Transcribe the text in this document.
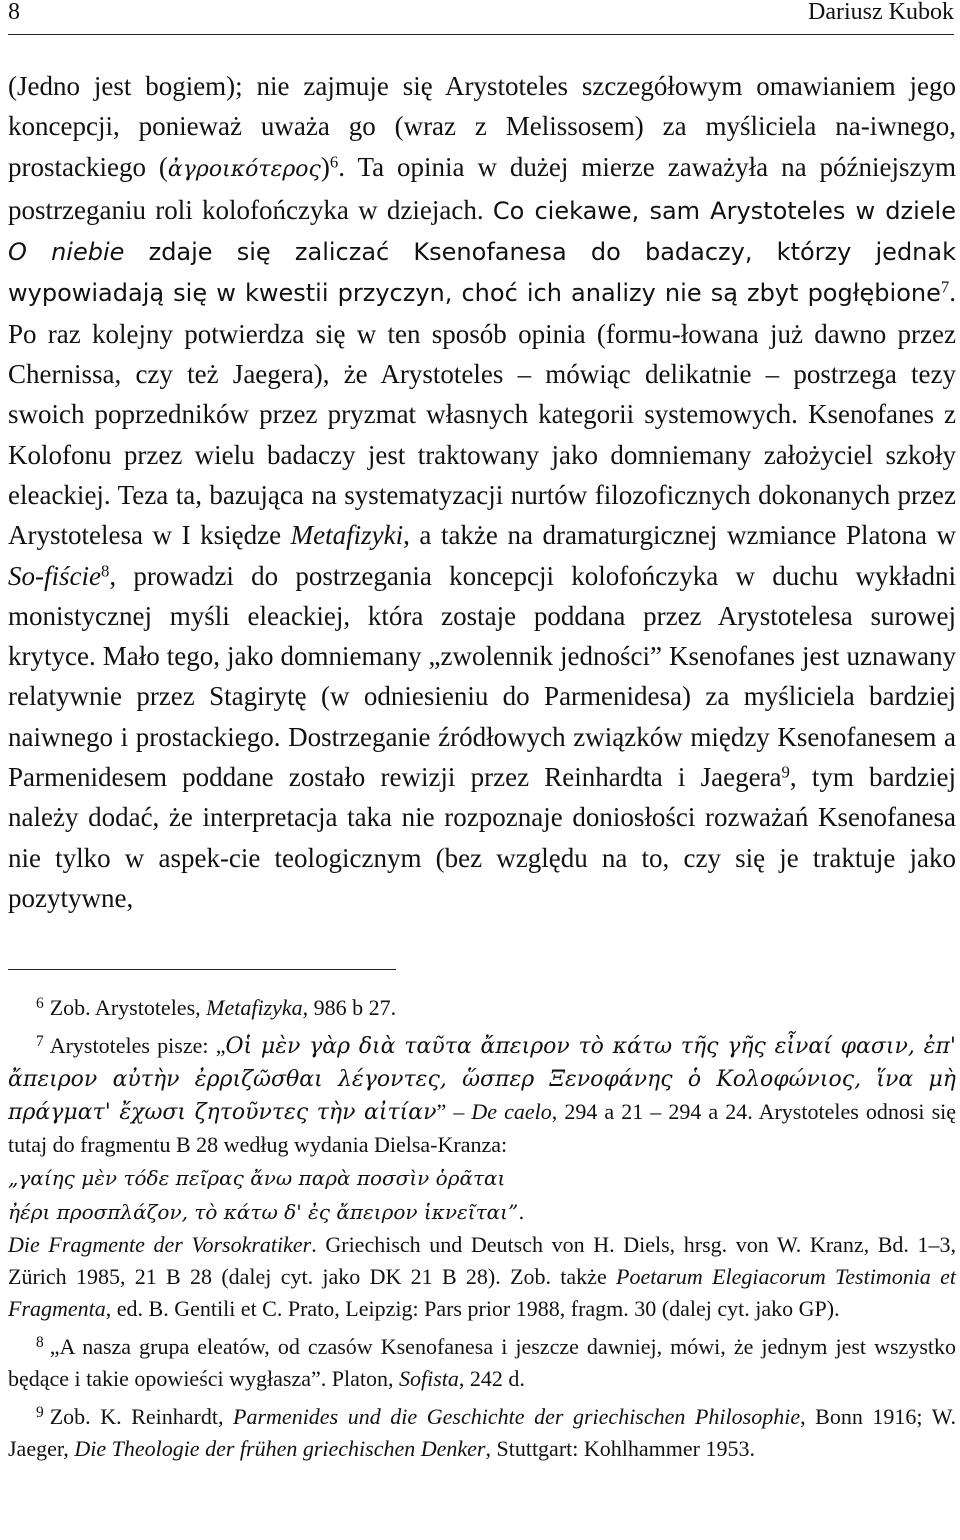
8	Dariusz Kubok

(Jedno jest bogiem); nie zajmuje się Arystoteles szczegółowym omawianiem jego koncepcji, ponieważ uważa go (wraz z Melissosem) za myśliciela na-iwnego, prostackiego (ἀγροικότερος)$^6$. Ta opinia w dużej mierze zaważyła na późniejszym postrzeganiu roli kolofończyka w dziejach. Co ciekawe, sam Arystoteles w dziele O niebie zdaje się zaliczać Ksenofanesa do badaczy, którzy jednak wypowiadają się w kwestii przyczyn, choć ich analizy nie są zbyt pogłębione$^7$. Po raz kolejny potwierdza się w ten sposób opinia (formu-łowana już dawno przez Chernissa, czy też Jaegera), że Arystoteles – mówiąc delikatnie – postrzega tezy swoich poprzedników przez pryzmat własnych kategorii systemowych. Ksenofanes z Kolofonu przez wielu badaczy jest traktowany jako domniemany założyciel szkoły eleackiej. Teza ta, bazująca na systematyzacji nurtów filozoficznych dokonanych przez Arystotelesa w I księdze Metafizyki, a także na dramaturgicznej wzmiance Platona w So-fiście$^8$, prowadzi do postrzegania koncepcji kolofończyka w duchu wykładni monistycznej myśli eleackiej, która zostaje poddana przez Arystotelesa surowej krytyce. Mało tego, jako domniemany „zwolennik jedności” Ksenofanes jest uznawany relatywnie przez Stagirytę (w odniesieniu do Parmenidesa) za myśliciela bardziej naiwnego i prostackiego. Dostrzeganie źródłowych związków między Ksenofanesem a Parmenidesem poddane zostało rewizji przez Reinhardta i Jaegera$^9$, tym bardziej należy dodać, że interpretacja taka nie rozpoznaje doniosłości rozważań Ksenofanesa nie tylko w aspek-cie teologicznym (bez względu na to, czy się je traktuje jako pozytywne,

$^6$ Zob. Arystoteles, Metafizyka, 986 b 27.

$^7$ Arystoteles pisze: „Οἱ μὲν γὰρ διὰ ταῦτα ἄπειρον τὸ κάτω τῆς γῆς εἶναί φασιν, ἐπ' ἄπειρον αὐτὴν ἐρριζῶσθαι λέγοντες, ὥσπερ Ξενοφάνης ὁ Κολοφώνιος, ἵνα μὴ πράγματ' ἔχωσι ζητοῦντες τὴν αἰτίαν” – De caelo, 294 a 21 – 294 a 24. Arystoteles odnosi się tutaj do fragmentu B 28 według wydania Dielsa-Kranza:

„γαίης μὲν τόδε πεῖρας ἄνω παρὰ ποσσὶν ὁρᾶται

ἠέρι προσπλάζον, τὸ κάτω δ' ἐς ἄπειρον ἱκνεῖται”.

Die Fragmente der Vorsokratiker. Griechisch und Deutsch von H. Diels, hrsg. von W. Kranz, Bd. 1–3, Zürich 1985, 21 B 28 (dalej cyt. jako DK 21 B 28). Zob. także Poetarum Elegiacorum Testimonia et Fragmenta, ed. B. Gentili et C. Prato, Leipzig: Pars prior 1988, fragm. 30 (dalej cyt. jako GP).

$^8$ „A nasza grupa eleatów, od czasów Ksenofanesa i jeszcze dawniej, mówi, że jednym jest wszystko będące i takie opowieści wygłasza”. Platon, Sofista, 242 d.

$^9$ Zob. K. Reinhardt, Parmenides und die Geschichte der griechischen Philosophie, Bonn 1916; W. Jaeger, Die Theologie der frühen griechischen Denker, Stuttgart: Kohlhammer 1953.
